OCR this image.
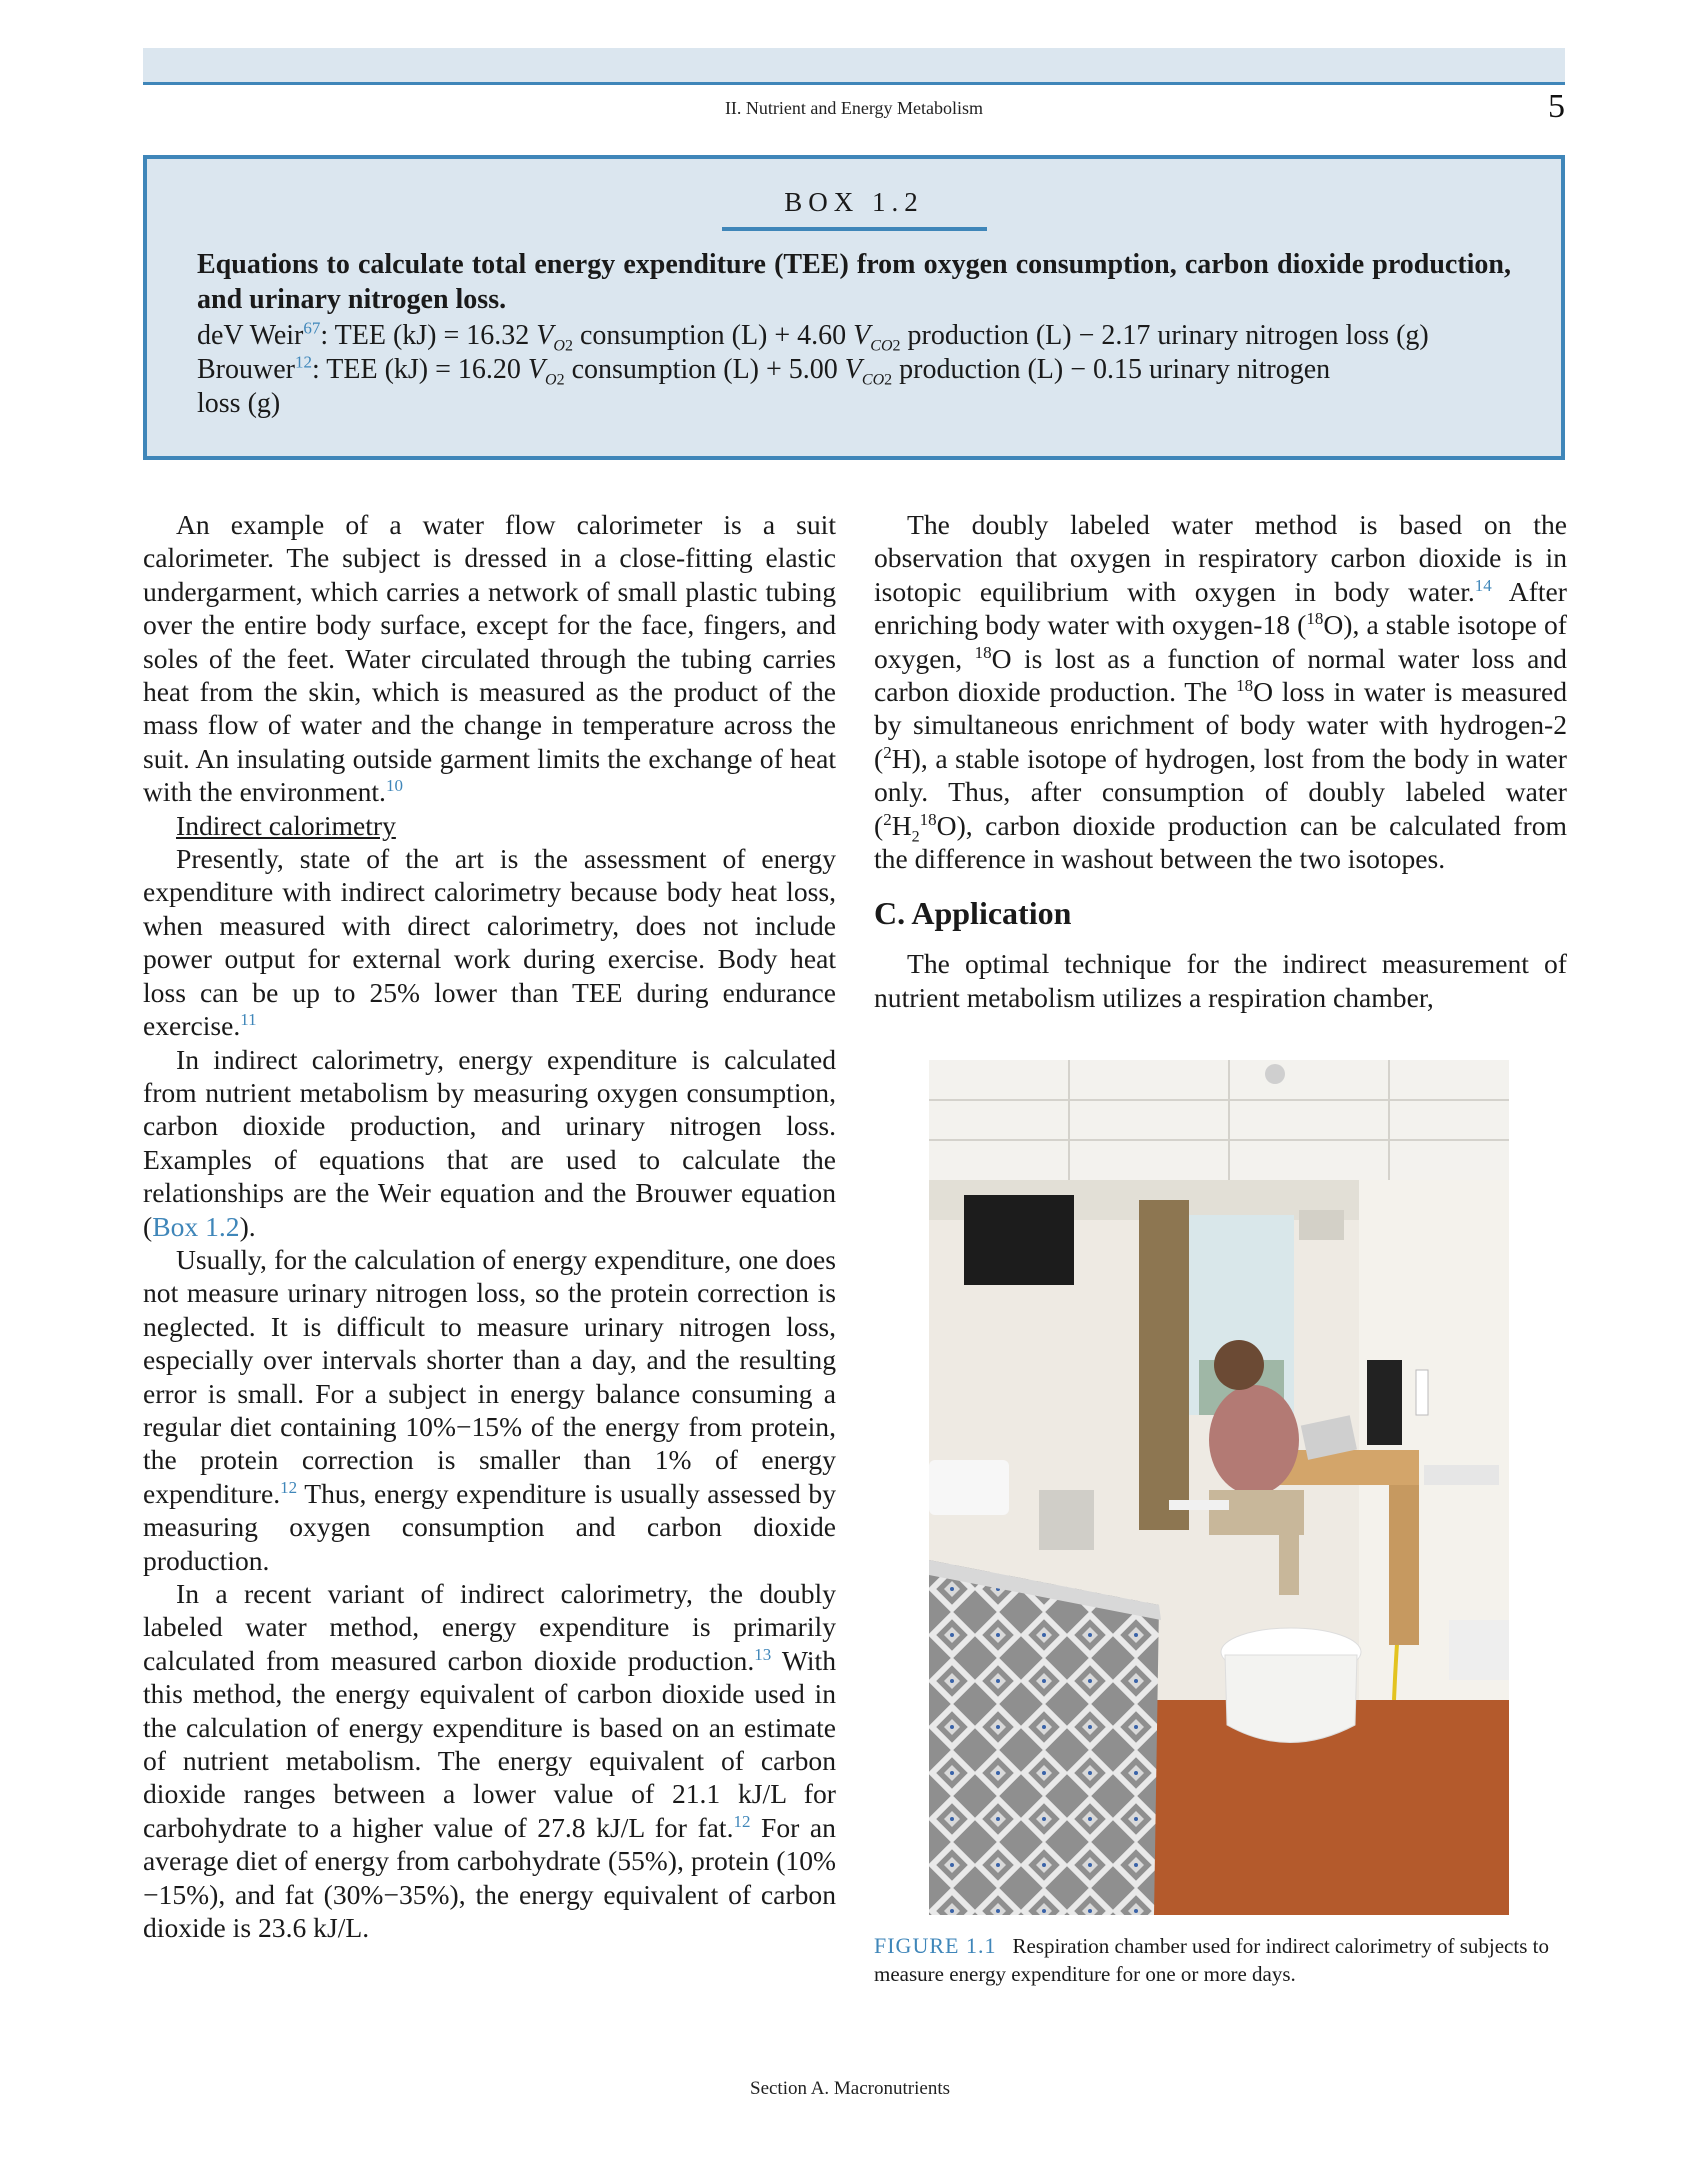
II. Nutrient and Energy Metabolism	5
BOX 1.2
Equations to calculate total energy expenditure (TEE) from oxygen consumption, carbon dioxide production, and urinary nitrogen loss.
deV Weir$^{67}$: TEE (kJ) = 16.32 $V_{O2}$ consumption (L) + 4.60 $V_{CO2}$ production (L) − 2.17 urinary nitrogen loss (g)
Brouwer$^{12}$: TEE (kJ) = 16.20 $V_{O2}$ consumption (L) + 5.00 $V_{CO2}$ production (L) − 0.15 urinary nitrogen
loss (g)

An example of a water flow calorimeter is a suit calorimeter. The subject is dressed in a close-fitting elastic undergarment, which carries a network of small plastic tubing over the entire body surface, except for the face, fingers, and soles of the feet. Water circulated through the tubing carries heat from the skin, which is measured as the product of the mass flow of water and the change in temperature across the suit. An insulating outside garment limits the exchange of heat with the environment.$^{10}$

Indirect calorimetry

Presently, state of the art is the assessment of energy expenditure with indirect calorimetry because body heat loss, when measured with direct calorimetry, does not include power output for external work during exercise. Body heat loss can be up to 25% lower than TEE during endurance exercise.$^{11}$

In indirect calorimetry, energy expenditure is calculated from nutrient metabolism by measuring oxygen consumption, carbon dioxide production, and urinary nitrogen loss. Examples of equations that are used to calculate the relationships are the Weir equation and the Brouwer equation (Box 1.2).

Usually, for the calculation of energy expenditure, one does not measure urinary nitrogen loss, so the protein correction is neglected. It is difficult to measure urinary nitrogen loss, especially over intervals shorter than a day, and the resulting error is small. For a subject in energy balance consuming a regular diet containing 10%−15% of the energy from protein, the protein correction is smaller than 1% of energy expenditure.$^{12}$ Thus, energy expenditure is usually assessed by measuring oxygen consumption and carbon dioxide production.

In a recent variant of indirect calorimetry, the doubly labeled water method, energy expenditure is primarily calculated from measured carbon dioxide production.$^{13}$ With this method, the energy equivalent of carbon dioxide used in the calculation of energy expenditure is based on an estimate of nutrient metabolism. The energy equivalent of carbon dioxide ranges between a lower value of 21.1 kJ/L for carbohydrate to a higher value of 27.8 kJ/L for fat.$^{12}$ For an average diet of energy from carbohydrate (55%), protein (10%−15%), and fat (30%−35%), the energy equivalent of carbon dioxide is 23.6 kJ/L.

The doubly labeled water method is based on the observation that oxygen in respiratory carbon dioxide is in isotopic equilibrium with oxygen in body water.$^{14}$ After enriching body water with oxygen-18 ($^{18}$O), a stable isotope of oxygen, $^{18}$O is lost as a function of normal water loss and carbon dioxide production. The $^{18}$O loss in water is measured by simultaneous enrichment of body water with hydrogen-2 ($^2$H), a stable isotope of hydrogen, lost from the body in water only. Thus, after consumption of doubly labeled water $(^2H_2^{18}O)$, carbon dioxide production can be calculated from the difference in washout between the two isotopes.

C. Application

The optimal technique for the indirect measurement of nutrient metabolism utilizes a respiration chamber,

FIGURE 1.1 Respiration chamber used for indirect calorimetry of subjects to measure energy expenditure for one or more days.
Section A. Macronutrients
